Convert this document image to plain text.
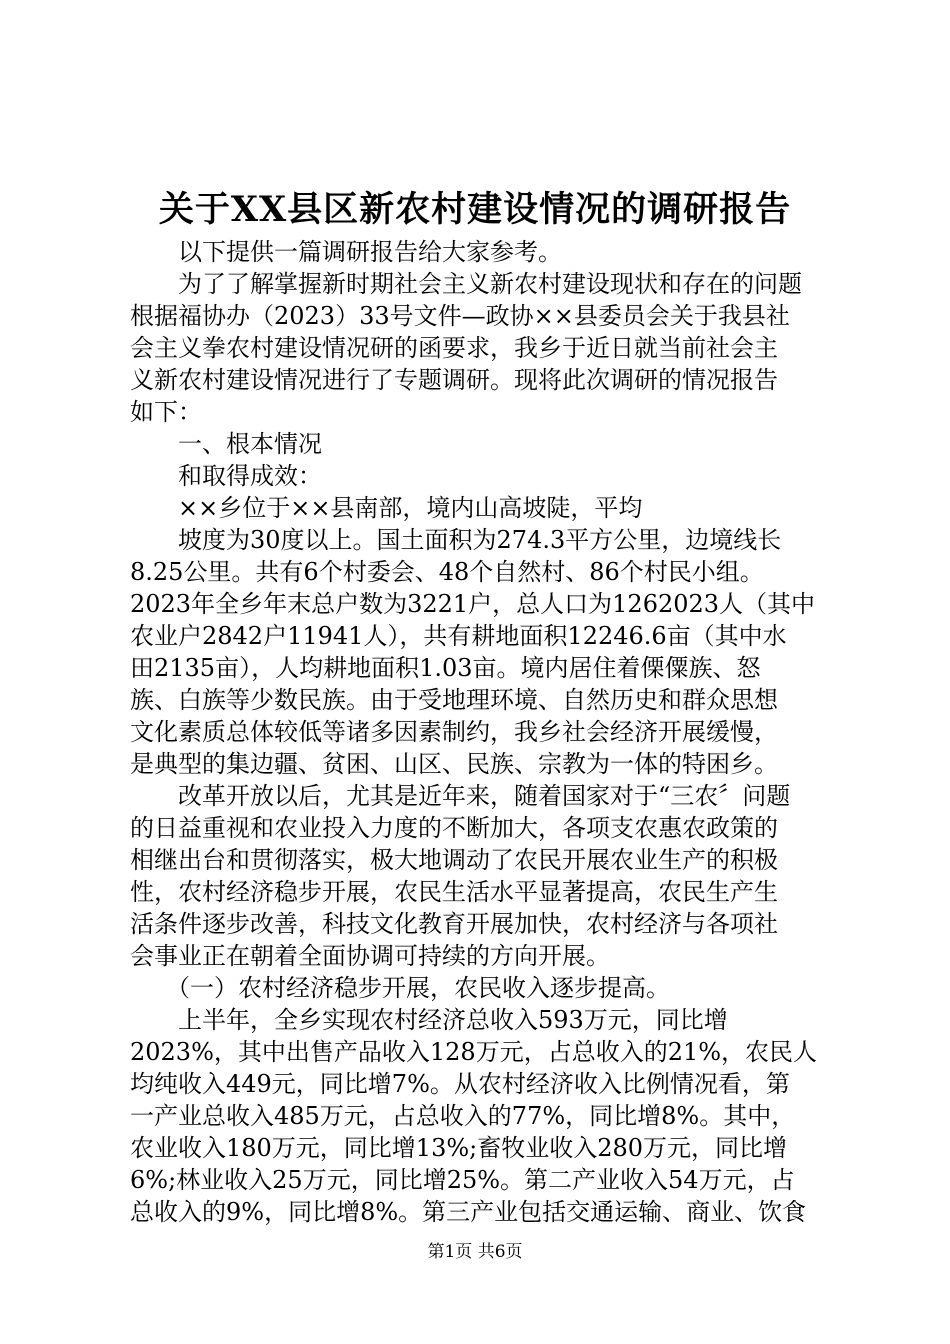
关于XX县区新农村建设情况的调研报告
　　以下提供一篇调研报告给大家参考。
　　为了了解掌握新时期社会主义新农村建设现状和存在的问题
根据福协办（2023）33号文件—政协××县委员会关于我县社
会主义拳农村建设情况研的函要求，我乡于近日就当前社会主
义新农村建设情况进行了专题调研。现将此次调研的情况报告
如下：
　　一、根本情况
　　和取得成效：
　　××乡位于××县南部，境内山高坡陡，平均
　　坡度为30度以上。国土面积为274.3平方公里，边境线长
8.25公里。共有6个村委会、48个自然村、86个村民小组。
2023年全乡年末总户数为3221户，总人口为1262023人（其中
农业户2842户11941人），共有耕地面积12246.6亩（其中水
田2135亩），人均耕地面积1.03亩。境内居住着傈僳族、怒
族、白族等少数民族。由于受地理环境、自然历史和群众思想
文化素质总体较低等诸多因素制约，我乡社会经济开展缓慢，
是典型的集边疆、贫困、山区、民族、宗教为一体的特困乡。
　　改革开放以后，尤其是近年来，随着国家对于“三农〞问题
的日益重视和农业投入力度的不断加大，各项支农惠农政策的
相继出台和贯彻落实，极大地调动了农民开展农业生产的积极
性，农村经济稳步开展，农民生活水平显著提高，农民生产生
活条件逐步改善，科技文化教育开展加快，农村经济与各项社
会事业正在朝着全面协调可持续的方向开展。
　　（一）农村经济稳步开展，农民收入逐步提高。
　　上半年，全乡实现农村经济总收入593万元，同比增
2023%，其中出售产品收入128万元，占总收入的21%，农民人
均纯收入449元，同比增7%。从农村经济收入比例情况看，第
一产业总收入485万元，占总收入的77%，同比增8%。其中，
农业收入180万元，同比增13%;畜牧业收入280万元，同比增
6%;林业收入25万元，同比增25%。第二产业收入54万元，占
总收入的9%，同比增8%。第三产业包括交通运输、商业、饮食
第1页 共6页
